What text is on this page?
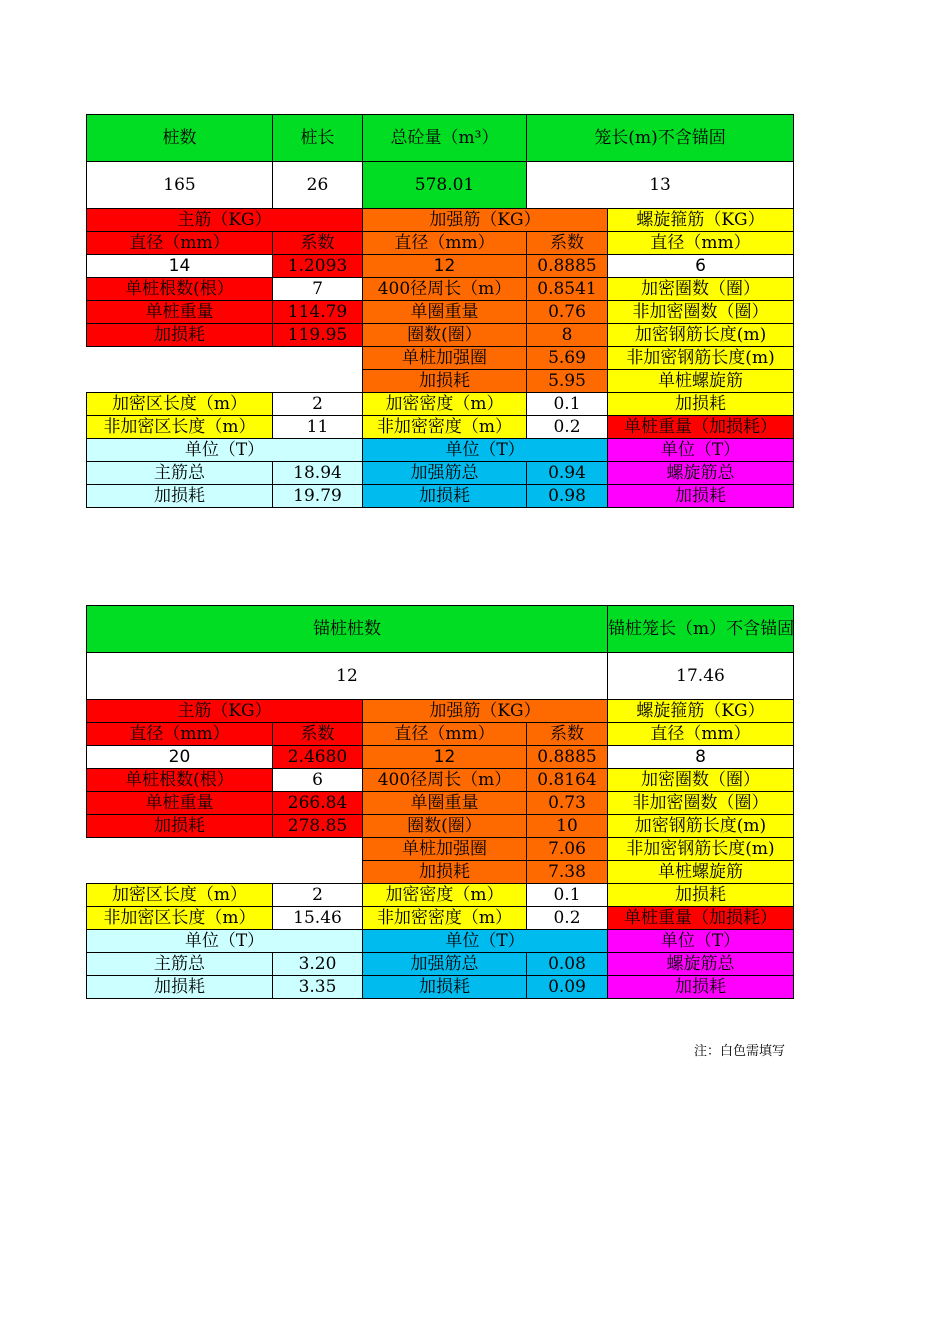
桩数	桩长	总砼量（m³）	笼长(m)不含锚固	
165	26	578.01	13	
主筋（KG）		加强筋（KG）		螺旋箍筋（KG）
直径（mm）	系数	直径（mm）	系数	直径（mm）
14	1.2093	12	0.8885	6
单桩根数(根）	7	400径周长（m）	0.8541	加密圈数（圈）
单桩重量	114.79	单圈重量	0.76	非加密圈数（圈）
加损耗	119.95	圈数(圈）	8	加密钢筋长度(m)
		单桩加强圈	5.69	非加密钢筋长度(m)
		加损耗	5.95	单桩螺旋筋
加密区长度（m）	2	加密密度（m）	0.1	加损耗
非加密区长度（m）	11	非加密密度（m）	0.2	单桩重量（加损耗）
单位（T）		单位（T）		单位（T）
主筋总	18.94	加强筋总	0.94	螺旋筋总
加损耗	19.79	加损耗	0.98	加损耗
锚桩桩数				锚桩笼长（m）不含锚固
12				17.46
主筋（KG）		加强筋（KG）		螺旋箍筋（KG）
直径（mm）	系数	直径（mm）	系数	直径（mm）
20	2.4680	12	0.8885	8
单桩根数(根）	6	400径周长（m）	0.8164	加密圈数（圈）
单桩重量	266.84	单圈重量	0.73	非加密圈数（圈）
加损耗	278.85	圈数(圈）	10	加密钢筋长度(m)
		单桩加强圈	7.06	非加密钢筋长度(m)
		加损耗	7.38	单桩螺旋筋
加密区长度（m）	2	加密密度（m）	0.1	加损耗
非加密区长度（m）	15.46	非加密密度（m）	0.2	单桩重量（加损耗）
单位（T）		单位（T）		单位（T）
主筋总	3.20	加强筋总	0.08	螺旋筋总
加损耗	3.35	加损耗	0.09	加损耗
注：白色需填写
